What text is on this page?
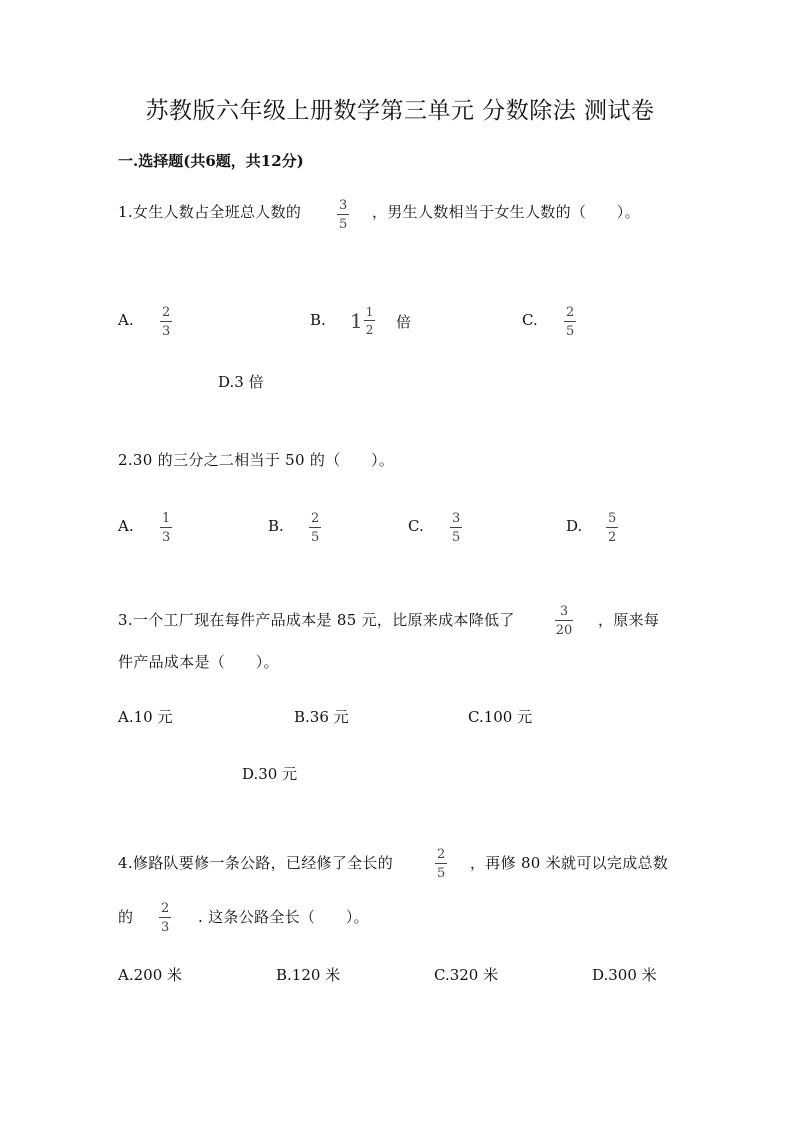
苏教版六年级上册数学第三单元 分数除法 测试卷
一.选择题(共6题，共12分)
1.女生人数占全班总人数的	3
5
，男生人数相当于女生人数的（　　）。
A. 2
3
B. $1 \frac{1}{2}$ 倍	C. 2
5
D.3 倍
2.30 的三分之二相当于 50 的（　　）。
A. 1
3
B. 2
5
C. 3
5
D. 5
2
3.一个工厂现在每件产品成本是 85 元，比原来成本降低了	3
20
，原来每
件产品成本是（　　）。
A.10 元	B.36 元	C.100 元
D.30 元
4.修路队要修一条公路，已经修了全长的	2
5
，再修 80 米就可以完成总数
的 2
3
. 这条公路全长（　　）。
A.200 米	B.120 米	C.320 米	D.300 米
